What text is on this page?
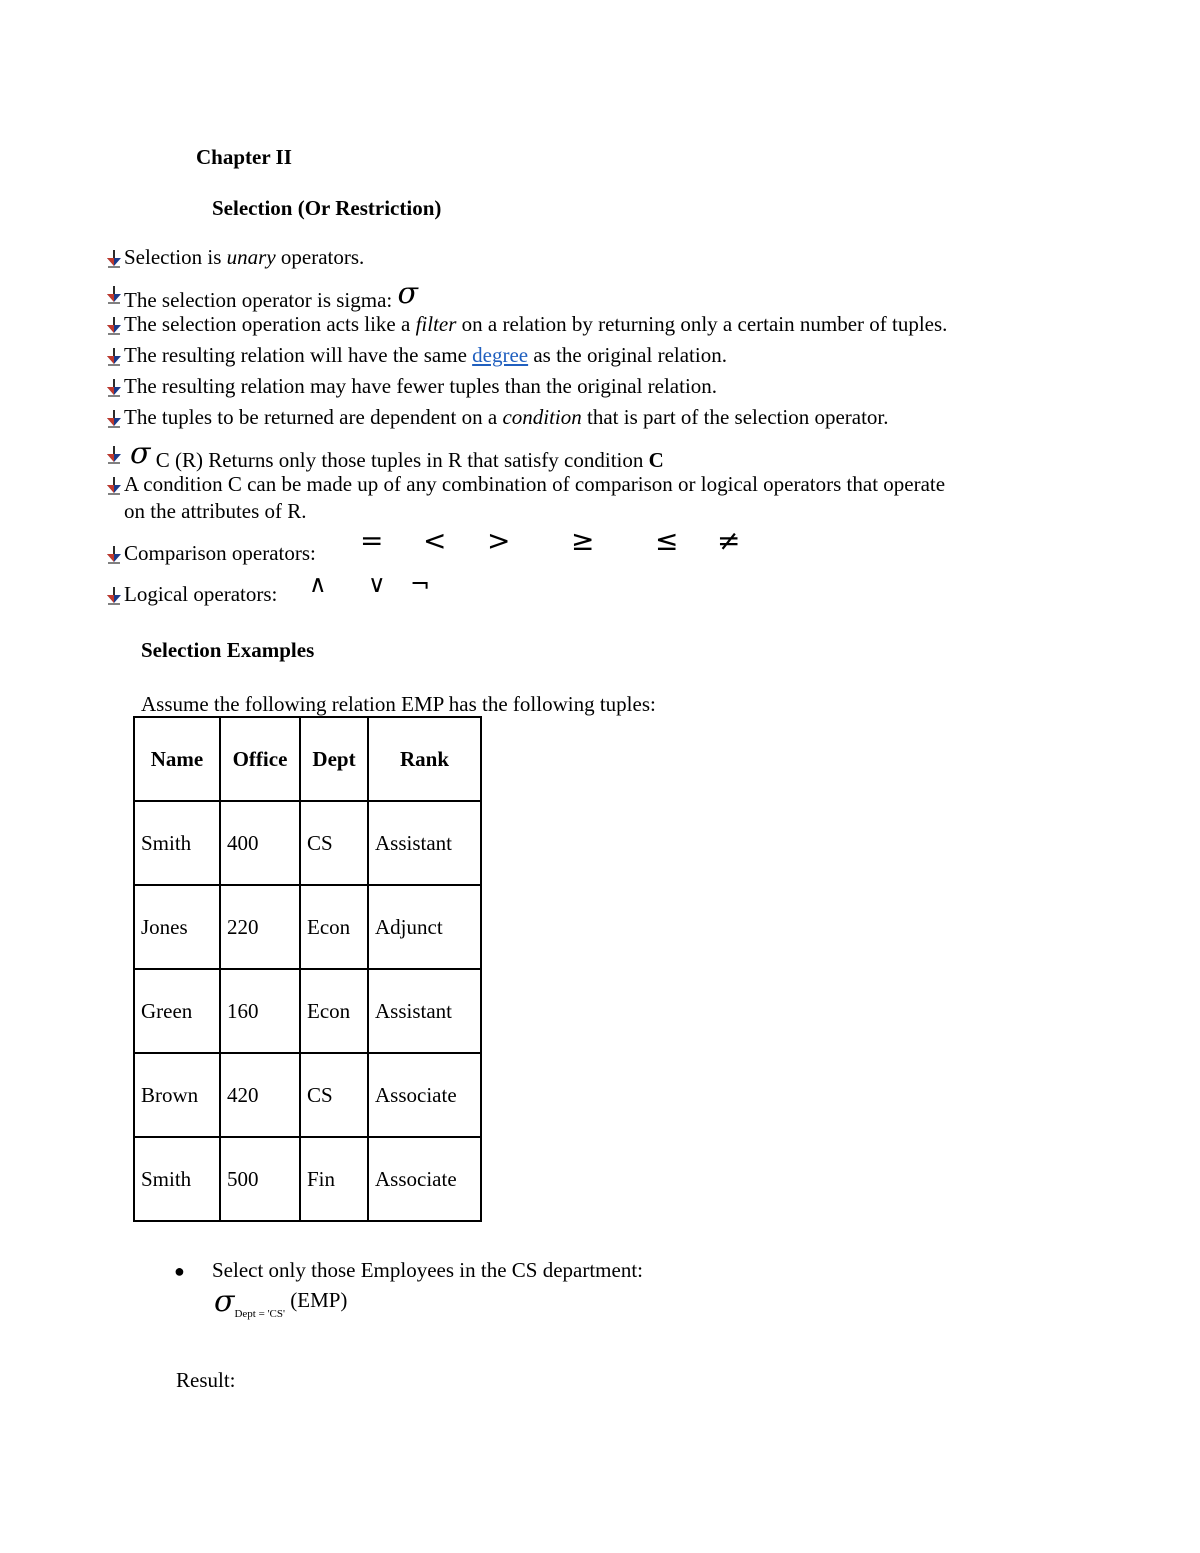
Chapter II
Selection (Or Restriction)
Selection is unary operators.
The selection operator is sigma: σ
The selection operation acts like a filter on a relation by returning only a certain number of tuples.
The resulting relation will have the same degree as the original relation.
The resulting relation may have fewer tuples than the original relation.
The tuples to be returned are dependent on a condition that is part of the selection operator.
σ C (R) Returns only those tuples in R that satisfy condition C
A condition C can be made up of any combination of comparison or logical operators that operate
on the attributes of R.
Comparison operators: = < > ≥ ≤ ≠
Logical operators: ∧ ∨ ¬
Selection Examples
Assume the following relation EMP has the following tuples:
Name	Office	Dept	Rank
Smith	400	CS	Assistant
Jones	220	Econ	Adjunct
Green	160	Econ	Assistant
Brown	420	CS	Associate
Smith	500	Fin	Associate
● Select only those Employees in the CS department:
$\sigma_{Dept = 'CS'}$ (EMP)
Result:
